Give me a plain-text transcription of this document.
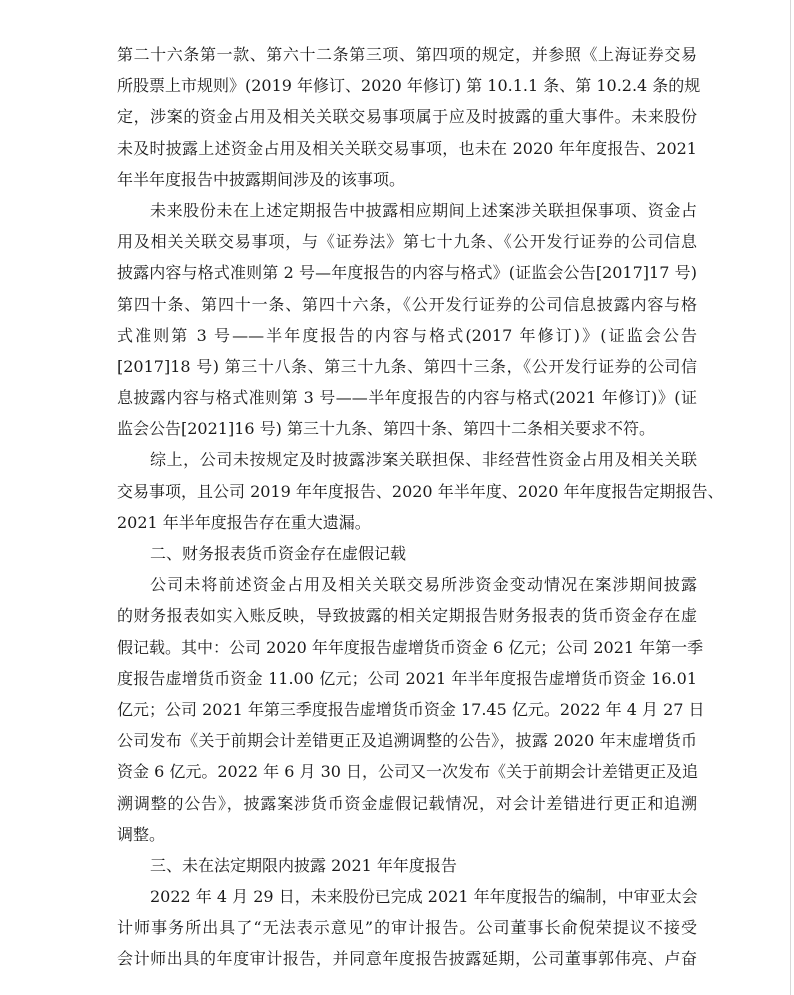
第二十六条第一款、第六十二条第三项、第四项的规定，并参照《上海证券交易
所股票上市规则》(2019 年修订、2020 年修订) 第 10.1.1 条、第 10.2.4 条的规
定，涉案的资金占用及相关关联交易事项属于应及时披露的重大事件。未来股份
未及时披露上述资金占用及相关关联交易事项，也未在 2020 年年度报告、2021
年半年度报告中披露期间涉及的该事项。
未来股份未在上述定期报告中披露相应期间上述案涉关联担保事项、资金占
用及相关关联交易事项，与《证券法》第七十九条、《公开发行证券的公司信息
披露内容与格式准则第 2 号—年度报告的内容与格式》(证监会公告[2017]17 号)
第四十条、第四十一条、第四十六条，《公开发行证券的公司信息披露内容与格
式准则第 3 号——半年度报告的内容与格式(2017 年修订)》(证监会公告
[2017]18 号) 第三十八条、第三十九条、第四十三条，《公开发行证券的公司信
息披露内容与格式准则第 3 号——半年度报告的内容与格式(2021 年修订)》(证
监会公告[2021]16 号) 第三十九条、第四十条、第四十二条相关要求不符。
综上，公司未按规定及时披露涉案关联担保、非经营性资金占用及相关关联
交易事项，且公司 2019 年年度报告、2020 年半年度、2020 年年度报告定期报告、
2021 年半年度报告存在重大遗漏。
二、财务报表货币资金存在虚假记载
公司未将前述资金占用及相关关联交易所涉资金变动情况在案涉期间披露
的财务报表如实入账反映，导致披露的相关定期报告财务报表的货币资金存在虚
假记载。其中：公司 2020 年年度报告虚增货币资金 6 亿元；公司 2021 年第一季
度报告虚增货币资金 11.00 亿元；公司 2021 年半年度报告虚增货币资金 16.01
亿元；公司 2021 年第三季度报告虚增货币资金 17.45 亿元。2022 年 4 月 27 日
公司发布《关于前期会计差错更正及追溯调整的公告》，披露 2020 年末虚增货币
资金 6 亿元。2022 年 6 月 30 日，公司又一次发布《关于前期会计差错更正及追
溯调整的公告》，披露案涉货币资金虚假记载情况，对会计差错进行更正和追溯
调整。
三、未在法定期限内披露 2021 年年度报告
2022 年 4 月 29 日，未来股份已完成 2021 年年度报告的编制，中审亚太会
计师事务所出具了“无法表示意见”的审计报告。公司董事长俞倪荣提议不接受
会计师出具的年度审计报告，并同意年度报告披露延期，公司董事郭伟亮、卢奋
